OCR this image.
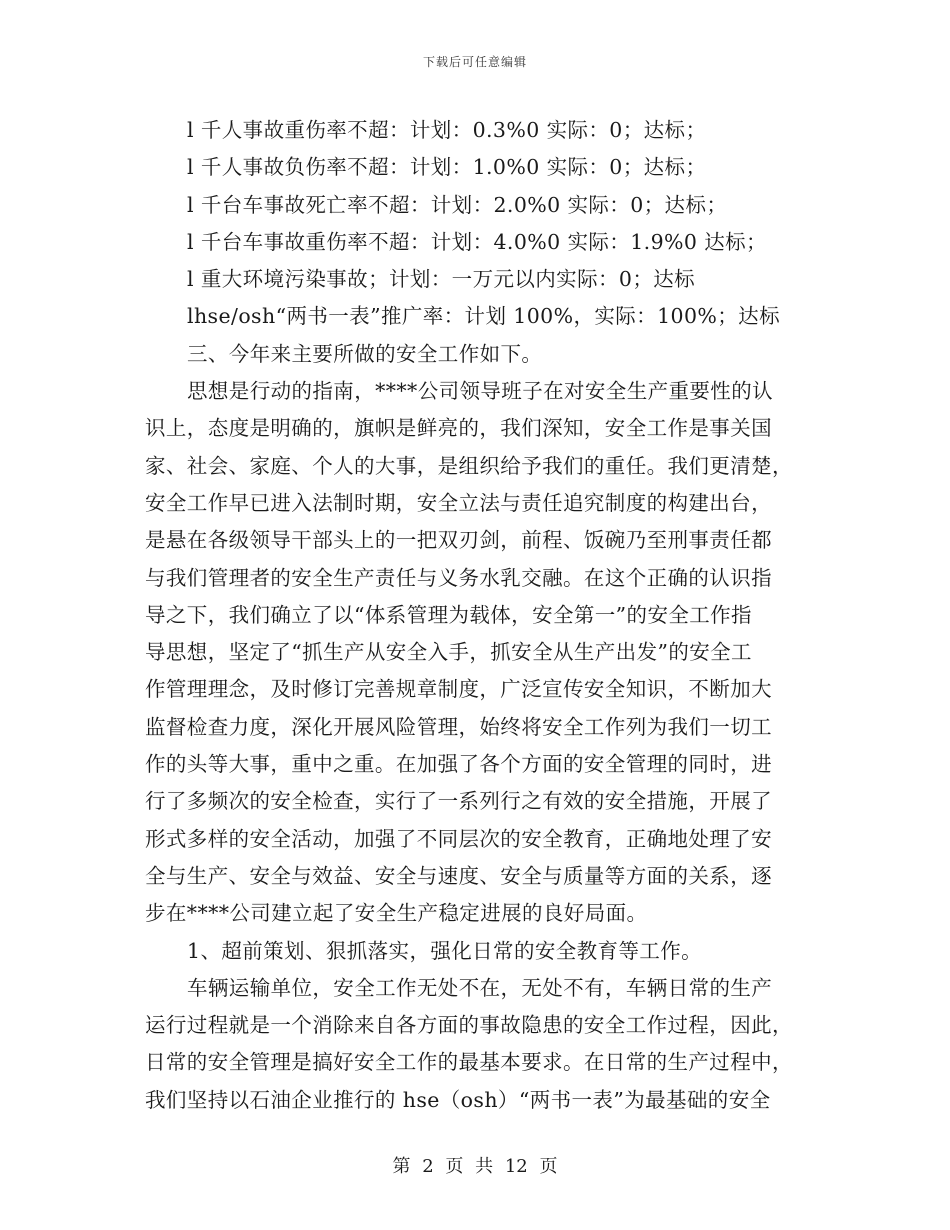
下载后可任意编辑
l 千人事故重伤率不超：计划：0.3%0 实际：0；达标；
l 千人事故负伤率不超：计划：1.0%0 实际：0；达标；
l 千台车事故死亡率不超：计划：2.0%0 实际：0；达标；
l 千台车事故重伤率不超：计划：4.0%0 实际：1.9%0 达标；
l 重大环境污染事故；计划：一万元以内实际：0；达标
lhse/osh“两书一表”推广率：计划 100%，实际：100%；达标
三、今年来主要所做的安全工作如下。
思想是行动的指南，****公司领导班子在对安全生产重要性的认
识上，态度是明确的，旗帜是鲜亮的，我们深知，安全工作是事关国
家、社会、家庭、个人的大事，是组织给予我们的重任。我们更清楚，
安全工作早已进入法制时期，安全立法与责任追究制度的构建出台，
是悬在各级领导干部头上的一把双刃剑，前程、饭碗乃至刑事责任都
与我们管理者的安全生产责任与义务水乳交融。在这个正确的认识指
导之下，我们确立了以“体系管理为载体，安全第一”的安全工作指
导思想，坚定了“抓生产从安全入手，抓安全从生产出发”的安全工
作管理理念，及时修订完善规章制度，广泛宣传安全知识，不断加大
监督检查力度，深化开展风险管理，始终将安全工作列为我们一切工
作的头等大事，重中之重。在加强了各个方面的安全管理的同时，进
行了多频次的安全检查，实行了一系列行之有效的安全措施，开展了
形式多样的安全活动，加强了不同层次的安全教育，正确地处理了安
全与生产、安全与效益、安全与速度、安全与质量等方面的关系，逐
步在****公司建立起了安全生产稳定进展的良好局面。
1、超前策划、狠抓落实，强化日常的安全教育等工作。
车辆运输单位，安全工作无处不在，无处不有，车辆日常的生产
运行过程就是一个消除来自各方面的事故隐患的安全工作过程，因此，
日常的安全管理是搞好安全工作的最基本要求。在日常的生产过程中，
我们坚持以石油企业推行的 hse（osh）“两书一表”为最基础的安全
第 2 页 共 12 页
